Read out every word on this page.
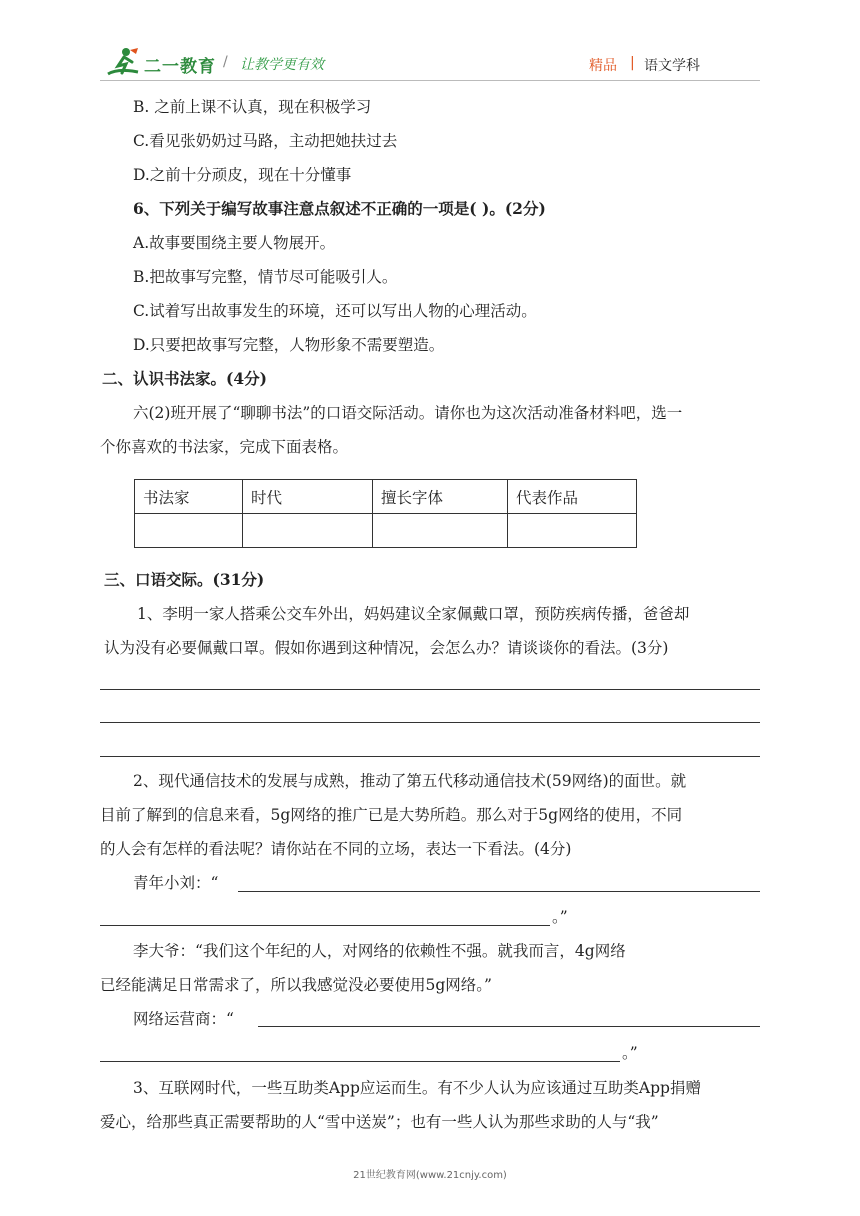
二一教育 / 让教学更有效	精品 | 语文学科
B. 之前上课不认真，现在积极学习
C.看见张奶奶过马路，主动把她扶过去
D.之前十分顽皮，现在十分懂事
6、下列关于编写故事注意点叙述不正确的一项是( )。(2分)
A.故事要围绕主要人物展开。
B.把故事写完整，情节尽可能吸引人。
C.试着写出故事发生的环境，还可以写出人物的心理活动。
D.只要把故事写完整，人物形象不需要塑造。
二、认识书法家。(4分)
六(2)班开展了“聊聊书法”的口语交际活动。请你也为这次活动准备材料吧，选一
个你喜欢的书法家，完成下面表格。
书法家	时代	擅长字体	代表作品

三、口语交际。(31分)
1、李明一家人搭乘公交车外出，妈妈建议全家佩戴口罩，预防疾病传播，爸爸却
认为没有必要佩戴口罩。假如你遇到这种情况，会怎么办？请谈谈你的看法。(3分)
2、现代通信技术的发展与成熟，推动了第五代移动通信技术(59网络)的面世。就
目前了解到的信息来看，5g网络的推广已是大势所趋。那么对于5g网络的使用，不同
的人会有怎样的看法呢？请你站在不同的立场，表达一下看法。(4分)
青年小刘：“
。”
李大爷：“我们这个年纪的人，对网络的依赖性不强。就我而言，4g网络
已经能满足日常需求了，所以我感觉没必要使用5g网络。”
网络运营商：“
。”
3、互联网时代，一些互助类App应运而生。有不少人认为应该通过互助类App捐赠
爱心，给那些真正需要帮助的人“雪中送炭”；也有一些人认为那些求助的人与“我”
21世纪教育网(www.21cnjy.com)
